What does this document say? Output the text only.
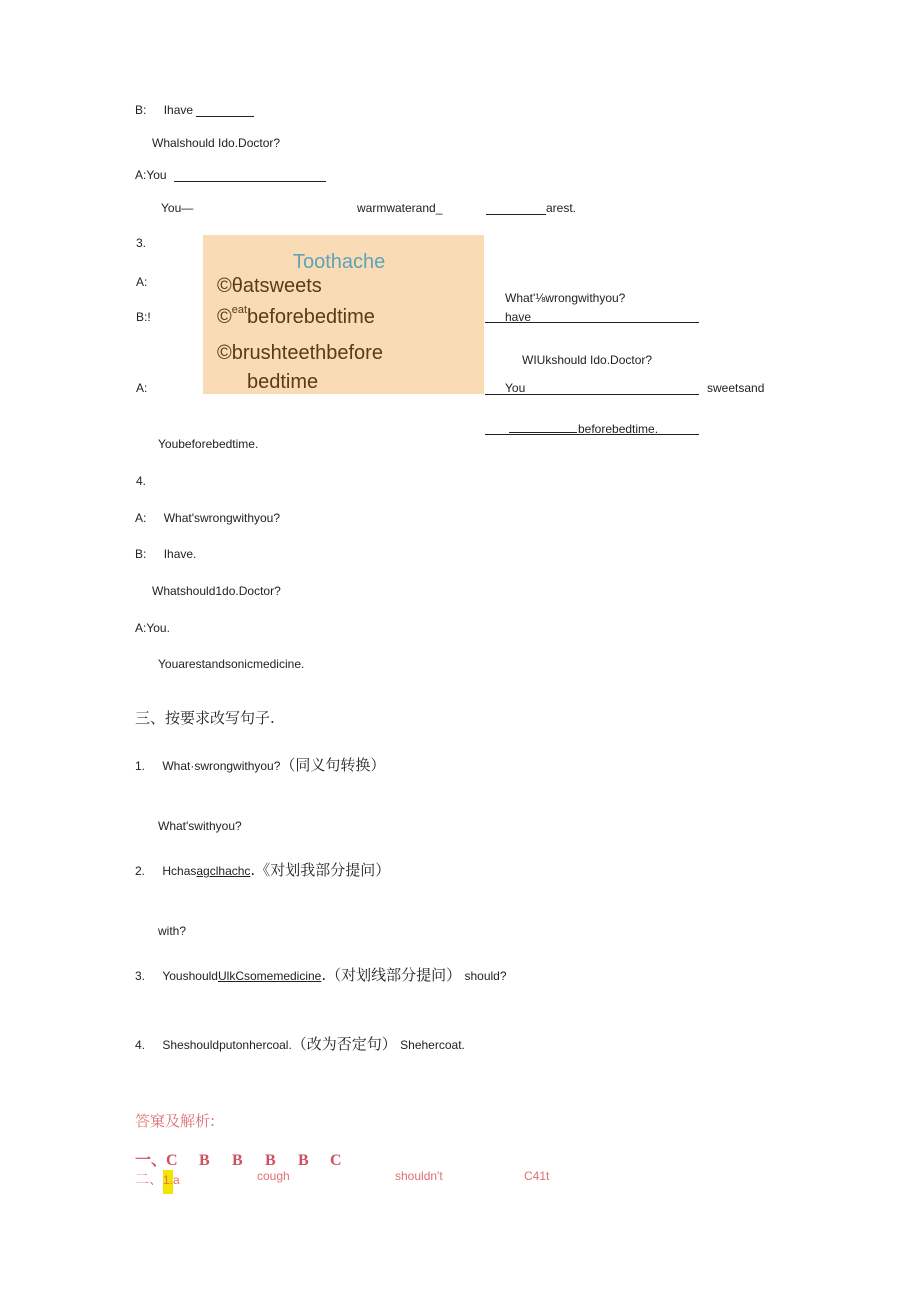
B: Ihave
Whalshould Ido.Doctor?
A:You
You—	warmwaterand_	arest.
3.
A:
B:!
A:
Toothache
©θatsweets
©$^{eat}$beforebedtime
©brushteethbefore
bedtime
What'⅛wrongwithyou?
have
WIUkshould Ido.Doctor?
You	sweetsand
beforebedtime.
Youbeforebedtime.
4.
A: What'swrongwithyou?
B: Ihave.
Whatshould1do.Doctor?
A:You.
Youarestandsonicmedicine.
三、按要求改写句子.
1. What·swrongwithyou?（同义句转换）
What'swithyou?
2. Hchasagclhachc.《对划我部分提问）
with?
3. YoushouldUlkCsomemedicine.（对划线部分提问） should?
4. Sheshouldputonhercoal.（改为否定句） Shehercoat.
答窠及解析:
一、
C B B B B C
二、1.a	cough	shouldn't	C41t
